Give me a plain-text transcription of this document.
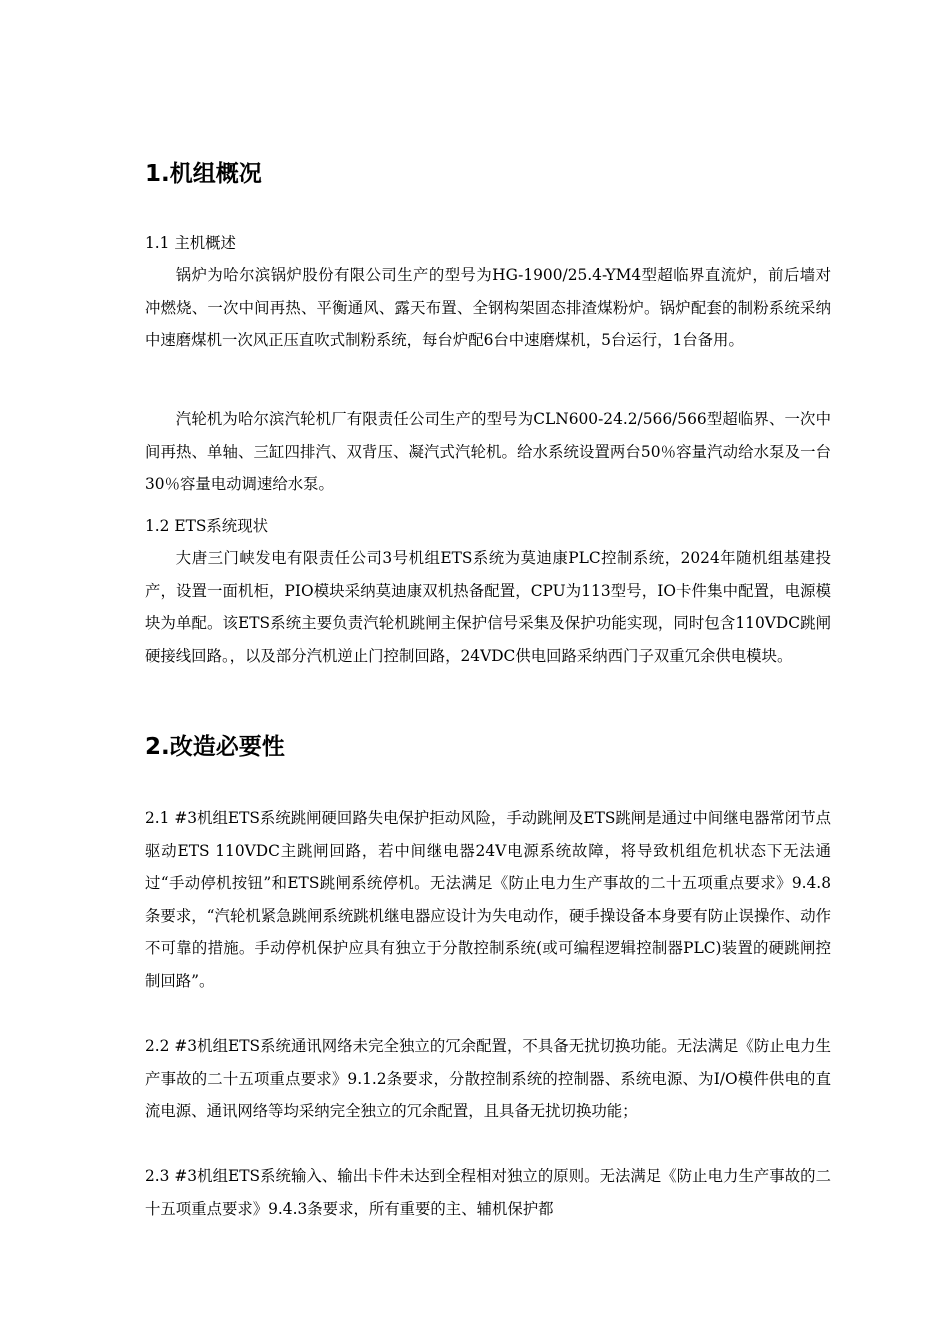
1.机组概况
1.1 主机概述

锅炉为哈尔滨锅炉股份有限公司生产的型号为HG-1900/25.4-YM4型超临界直流炉，前后墙对冲燃烧、一次中间再热、平衡通风、露天布置、全钢构架固态排渣煤粉炉。锅炉配套的制粉系统采纳中速磨煤机一次风正压直吹式制粉系统，每台炉配6台中速磨煤机，5台运行，1台备用。

汽轮机为哈尔滨汽轮机厂有限责任公司生产的型号为CLN600-24.2/566/566型超临界、一次中间再热、单轴、三缸四排汽、双背压、凝汽式汽轮机。给水系统设置两台50％容量汽动给水泵及一台30％容量电动调速给水泵。

1.2 ETS系统现状

大唐三门峡发电有限责任公司3号机组ETS系统为莫迪康PLC控制系统，2024年随机组基建投产，设置一面机柜，PIO模块采纳莫迪康双机热备配置，CPU为113型号，IO卡件集中配置，电源模块为单配。该ETS系统主要负责汽轮机跳闸主保护信号采集及保护功能实现，同时包含110VDC跳闸硬接线回路。，以及部分汽机逆止门控制回路，24VDC供电回路采纳西门子双重冗余供电模块。

2.改造必要性

2.1 #3机组ETS系统跳闸硬回路失电保护拒动风险，手动跳闸及ETS跳闸是通过中间继电器常闭节点驱动ETS 110VDC主跳闸回路，若中间继电器24V电源系统故障，将导致机组危机状态下无法通过“手动停机按钮”和ETS跳闸系统停机。无法满足《防止电力生产事故的二十五项重点要求》9.4.8条要求，“汽轮机紧急跳闸系统跳机继电器应设计为失电动作，硬手操设备本身要有防止误操作、动作不可靠的措施。手动停机保护应具有独立于分散控制系统(或可编程逻辑控制器PLC)装置的硬跳闸控制回路”。

2.2 #3机组ETS系统通讯网络未完全独立的冗余配置，不具备无扰切换功能。无法满足《防止电力生产事故的二十五项重点要求》9.1.2条要求，分散控制系统的控制器、系统电源、为I/O模件供电的直流电源、通讯网络等均采纳完全独立的冗余配置，且具备无扰切换功能；

2.3 #3机组ETS系统输入、输出卡件未达到全程相对独立的原则。无法满足《防止电力生产事故的二十五项重点要求》9.4.3条要求，所有重要的主、辅机保护都
